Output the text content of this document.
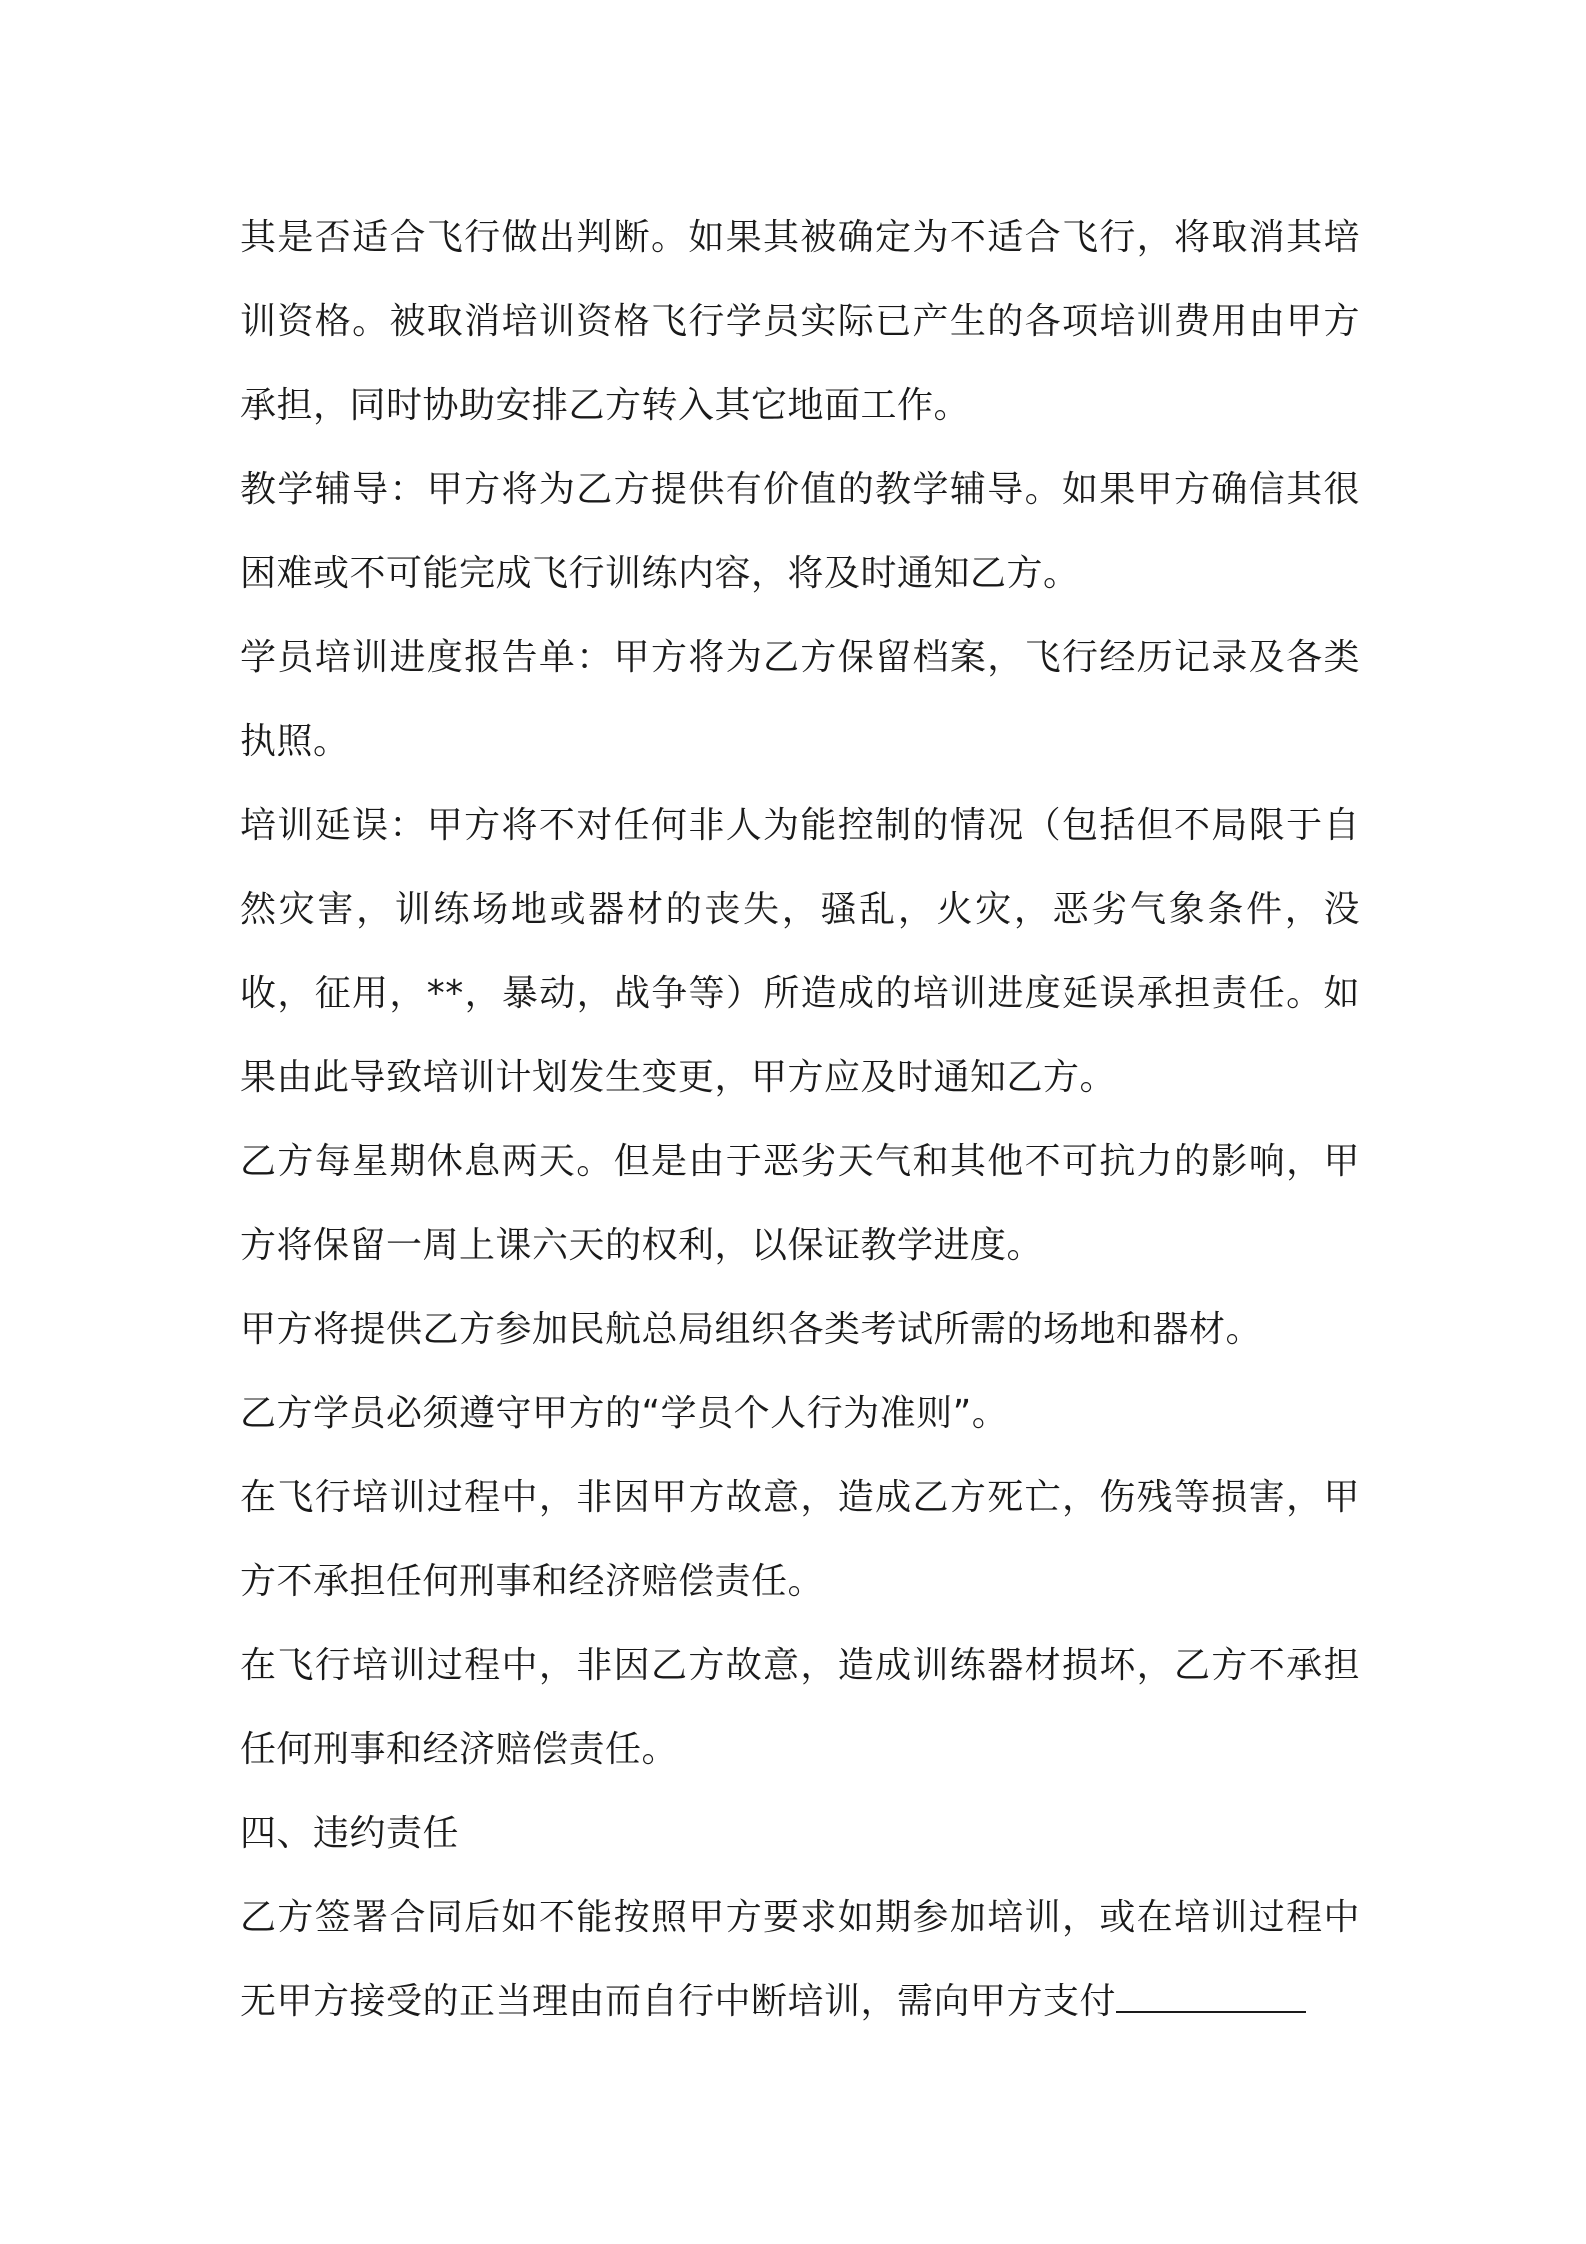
其是否适合飞行做出判断。如果其被确定为不适合飞行，将取消其培训资格。被取消培训资格飞行学员实际已产生的各项培训费用由甲方承担，同时协助安排乙方转入其它地面工作。

教学辅导：甲方将为乙方提供有价值的教学辅导。如果甲方确信其很困难或不可能完成飞行训练内容，将及时通知乙方。

学员培训进度报告单：甲方将为乙方保留档案，飞行经历记录及各类执照。

培训延误：甲方将不对任何非人为能控制的情况（包括但不局限于自然灾害，训练场地或器材的丧失，骚乱，火灾，恶劣气象条件，没收，征用，**，暴动，战争等）所造成的培训进度延误承担责任。如果由此导致培训计划发生变更，甲方应及时通知乙方。

乙方每星期休息两天。但是由于恶劣天气和其他不可抗力的影响，甲方将保留一周上课六天的权利，以保证教学进度。

甲方将提供乙方参加民航总局组织各类考试所需的场地和器材。

乙方学员必须遵守甲方的“学员个人行为准则”。

在飞行培训过程中，非因甲方故意，造成乙方死亡，伤残等损害，甲方不承担任何刑事和经济赔偿责任。

在飞行培训过程中，非因乙方故意，造成训练器材损坏，乙方不承担任何刑事和经济赔偿责任。

四、违约责任

乙方签署合同后如不能按照甲方要求如期参加培训，或在培训过程中无甲方接受的正当理由而自行中断培训，需向甲方支付
